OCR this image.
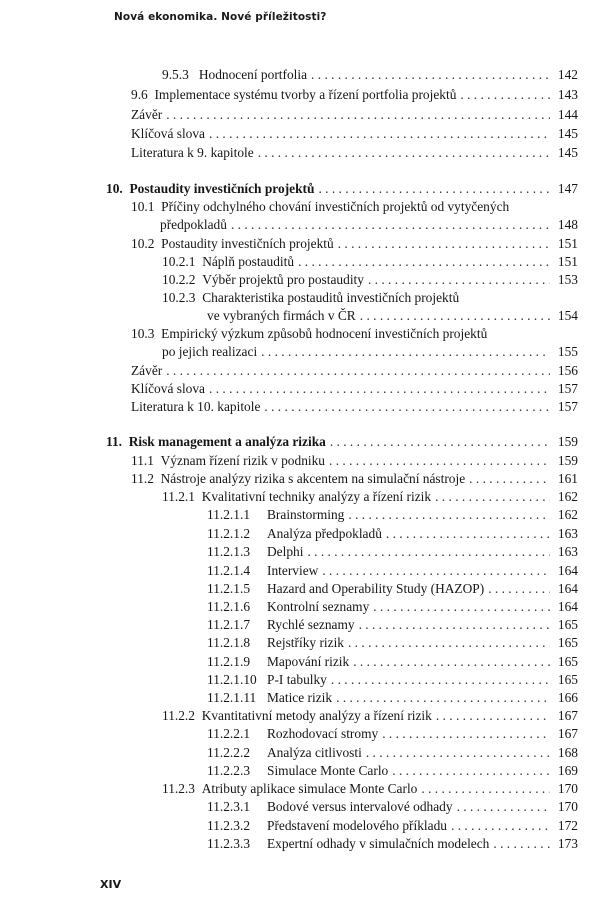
Nová ekonomika. Nové příležitosti?
9.5.3 Hodnocení portfolia . . .	142
9.6 Implementace systému tvorby a řízení portfolia projektů . . .	143
Závěr . . .	144
Klíčová slova . . .	145
Literatura k 9. kapitole . . .	145
10. Postaudity investičních projektů . . .	147
10.1 Příčiny odchylného chování investičních projektů od vytyčených
předpokladů . . .	148
10.2 Postaudity investičních projektů . . .	151
10.2.1 Náplň postauditů . . .	151
10.2.2 Výběr projektů pro postaudity . . .	153
10.2.3 Charakteristika postauditů investičních projektů
ve vybraných firmách v ČR . . .	154
10.3 Empirický výzkum způsobů hodnocení investičních projektů
po jejich realizaci . . .	155
Závěr . . .	156
Klíčová slova . . .	157
Literatura k 10. kapitole . . .	157
11. Risk management a analýza rizika . . .	159
11.1 Význam řízení rizik v podniku . . .	159
11.2 Nástroje analýzy rizika s akcentem na simulační nástroje . . .	161
11.2.1 Kvalitativní techniky analýzy a řízení rizik . . .	162
11.2.1.1 Brainstorming . . .	162
11.2.1.2 Analýza předpokladů . . .	163
11.2.1.3 Delphi . . .	163
11.2.1.4 Interview . . .	164
11.2.1.5 Hazard and Operability Study (HAZOP) . . .	164
11.2.1.6 Kontrolní seznamy . . .	164
11.2.1.7 Rychlé seznamy . . .	165
11.2.1.8 Rejstříky rizik . . .	165
11.2.1.9 Mapování rizik . . .	165
11.2.1.10 P-I tabulky . . .	165
11.2.1.11 Matice rizik . . .	166
11.2.2 Kvantitativní metody analýzy a řízení rizik . . .	167
11.2.2.1 Rozhodovací stromy . . .	167
11.2.2.2 Analýza citlivosti . . .	168
11.2.2.3 Simulace Monte Carlo . . .	169
11.2.3 Atributy aplikace simulace Monte Carlo . . .	170
11.2.3.1 Bodové versus intervalové odhady . . .	170
11.2.3.2 Představení modelového příkladu . . .	172
11.2.3.3 Expertní odhady v simulačních modelech . . .	173
XIV
